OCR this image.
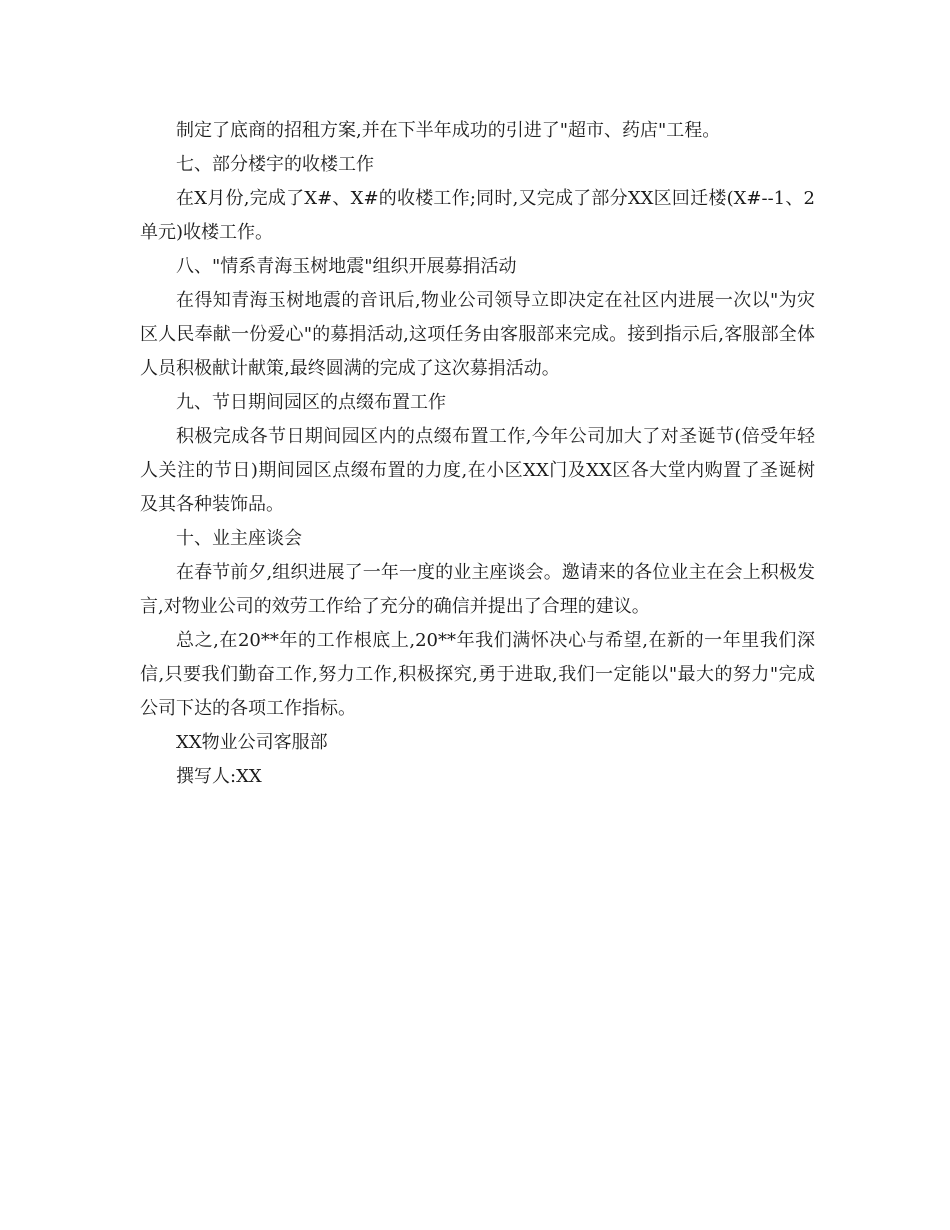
制定了底商的招租方案,并在下半年成功的引进了"超市、药店"工程。

七、部分楼宇的收楼工作

在X月份,完成了X#、X#的收楼工作;同时,又完成了部分XX区回迁楼(X#--1、2单元)收楼工作。

八、"情系青海玉树地震"组织开展募捐活动

在得知青海玉树地震的音讯后,物业公司领导立即决定在社区内进展一次以"为灾区人民奉献一份爱心"的募捐活动,这项任务由客服部来完成。接到指示后,客服部全体人员积极献计献策,最终圆满的完成了这次募捐活动。

九、节日期间园区的点缀布置工作

积极完成各节日期间园区内的点缀布置工作,今年公司加大了对圣诞节(倍受年轻人关注的节日)期间园区点缀布置的力度,在小区XX门及XX区各大堂内购置了圣诞树及其各种装饰品。

十、业主座谈会

在春节前夕,组织进展了一年一度的业主座谈会。邀请来的各位业主在会上积极发言,对物业公司的效劳工作给了充分的确信并提出了合理的建议。

总之,在20**年的工作根底上,20**年我们满怀决心与希望,在新的一年里我们深信,只要我们勤奋工作,努力工作,积极探究,勇于进取,我们一定能以"最大的努力"完成公司下达的各项工作指标。

XX物业公司客服部

撰写人:XX
